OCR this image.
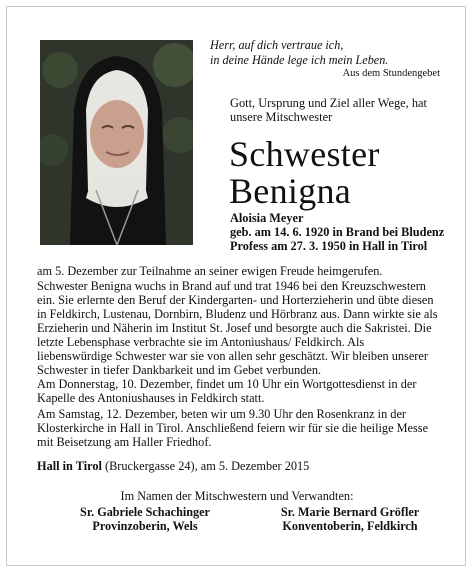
Herr, auf dich vertraue ich,
in deine Hände lege ich mein Leben.
Aus dem Stundengebet
Gott, Ursprung und Ziel aller Wege, hat
unsere Mitschwester
Schwester
Benigna
Aloisia Meyer
geb. am 14. 6. 1920 in Brand bei Bludenz
Profess am 27. 3. 1950 in Hall in Tirol

am 5. Dezember zur Teilnahme an seiner ewigen Freude heimgerufen.

Schwester Benigna wuchs in Brand auf und trat 1946 bei den Kreuzschwestern ein. Sie erlernte den Beruf der Kindergarten- und Horterzieherin und übte diesen in Feldkirch, Lustenau, Dornbirn, Bludenz und Hörbranz aus. Dann wirkte sie als Erzieherin und Näherin im Institut St. Josef und besorgte auch die Sakristei. Die letzte Lebensphase verbrachte sie im Antoniushaus/ Feldkirch. Als liebenswürdige Schwester war sie von allen sehr geschätzt. Wir bleiben unserer Schwester in tiefer Dankbarkeit und im Gebet verbunden.

Am Donnerstag, 10. Dezember, findet um 10 Uhr ein Wortgottesdienst in der Kapelle des Antoniushauses in Feldkirch statt.

Am Samstag, 12. Dezember, beten wir um 9.30 Uhr den Rosenkranz in der Klosterkirche in Hall in Tirol. Anschließend feiern wir für sie die heilige Messe mit Beisetzung am Haller Friedhof.

Hall in Tirol (Bruckergasse 24), am 5. Dezember 2015
Im Namen der Mitschwestern und Verwandten:
Sr. Gabriele Schachinger
Provinzoberin, Wels
Sr. Marie Bernard Gröfler
Konventoberin, Feldkirch
